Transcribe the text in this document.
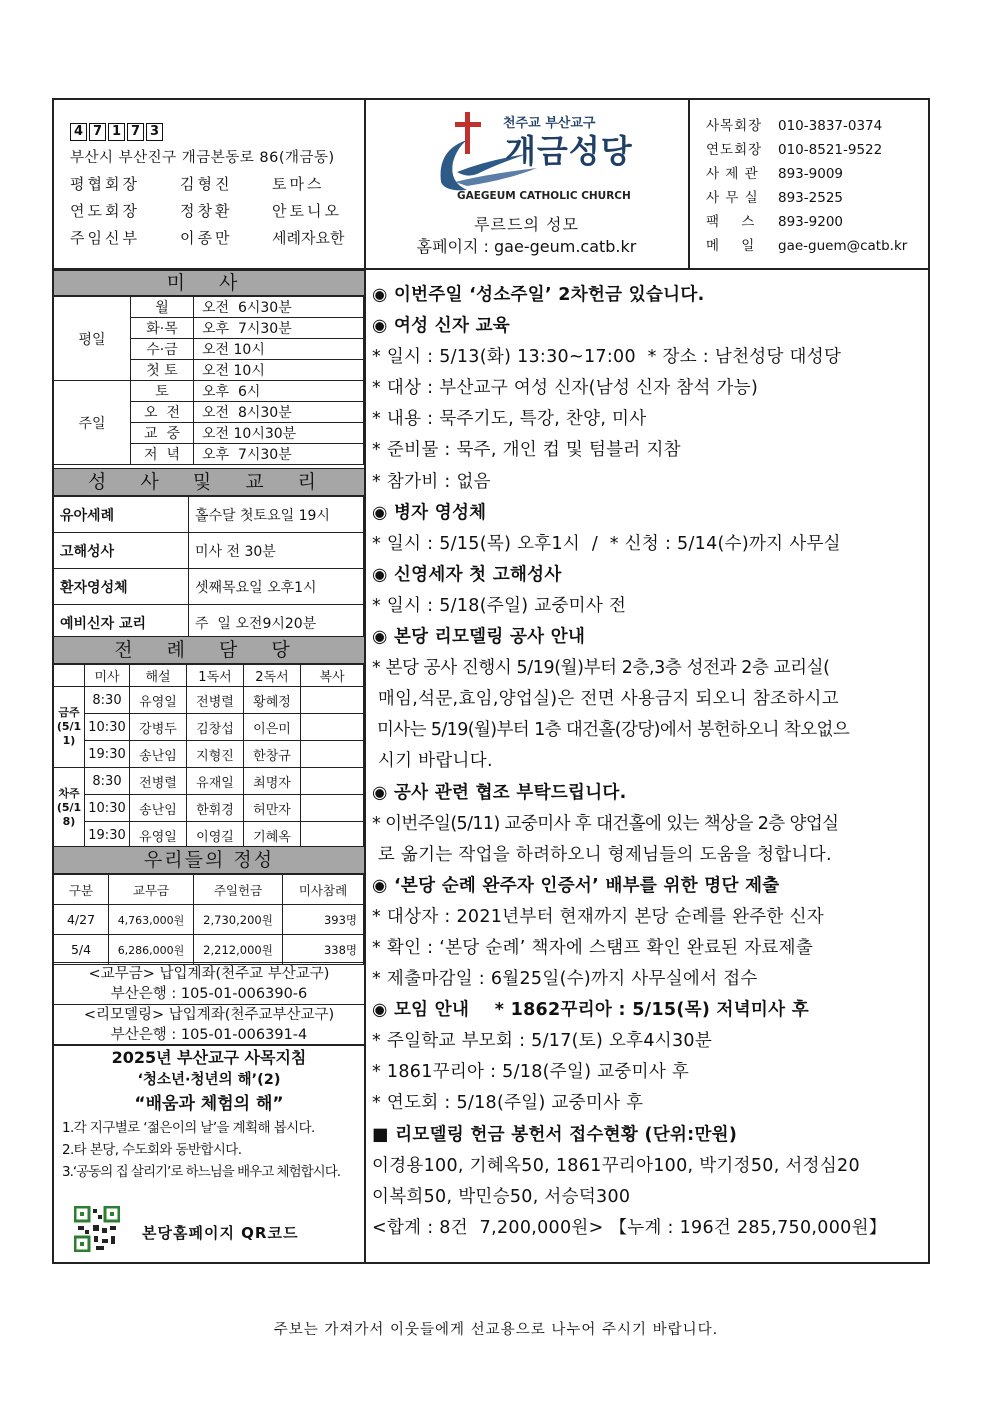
4 7 1 7 3
부산시 부산진구 개금본동로 86(개금동)
평협회장	김형진	토마스
연도회장	정창환	안토니오
주임신부	이종만	세례자요한
천주교 부산교구
개금성당
GAEGEUM CATHOLIC CHURCH
루르드의 성모
홈페이지 : gae-geum.catb.kr
사목회장	010-3837-0374
연도회장	010-8521-9522
사 제 관	893-9009
사 무 실	893-2525
팩    스	893-9200
메    일	gae-guem@catb.kr
미 사
평일	월	오전  6시30분
	화·목	오후  7시30분
	수·금	오전 10시
	첫 토	오전 10시
주일	토	오후  6시
	오  전	오전  8시30분
	교  중	오전 10시30분
	저  녁	오후  7시30분
성 사 및 교 리
유아세례	홀수달 첫토요일 19시
고해성사	미사 전 30분
환자영성체	셋째목요일 오후1시
예비신자 교리	주  일 오전9시20분
전 례 담 당
	미사	해설	1독서	2독서	복사
금주(5/11)	8:30	유영일	전병렬	황혜정	
	10:30	강병두	김창섭	이은미	
	19:30	송난임	지형진	한창규	
차주(5/18)	8:30	전병렬	유재일	최명자	
	10:30	송난임	한휘경	허만자	
	19:30	유영일	이영길	기혜옥	
우리들의 정성
구분	교무금	주일헌금	미사참례
4/27	4,763,000원	2,730,200원	393명
5/4	6,286,000원	2,212,000원	338명
<교무금> 납입계좌(천주교 부산교구)
부산은행 : 105-01-006390-6
<리모델링> 납입계좌(천주교부산교구)
부산은행 : 105-01-006391-4
2025년 부산교구 사목지침
‘청소년·청년의 해’(2)
“배움과 체험의 해”
1.각 지구별로 ‘젊은이의 날’을 계획해 봅시다.
2.타 본당, 수도회와 동반합시다.
3.‘공동의 집 살리기’로 하느님을 배우고 체험합시다.
본당홈페이지 QR코드
◉ 이번주일 ‘성소주일’ 2차헌금 있습니다.
◉ 여성 신자 교육
* 일시 : 5/13(화) 13:30~17:00  * 장소 : 남천성당 대성당
* 대상 : 부산교구 여성 신자(남성 신자 참석 가능)
* 내용 : 묵주기도, 특강, 찬양, 미사
* 준비물 : 묵주, 개인 컵 및 텀블러 지참
* 참가비 : 없음
◉ 병자 영성체
* 일시 : 5/15(목) 오후1시  /  * 신청 : 5/14(수)까지 사무실
◉ 신영세자 첫 고해성사
* 일시 : 5/18(주일) 교중미사 전
◉ 본당 리모델링 공사 안내
* 본당 공사 진행시 5/19(월)부터 2층,3층 성전과 2층 교리실(
매임,석문,효임,양업실)은 전면 사용금지 되오니 참조하시고
미사는 5/19(월)부터 1층 대건홀(강당)에서 봉헌하오니 착오없으
시기 바랍니다.
◉ 공사 관련 협조 부탁드립니다.
* 이번주일(5/11) 교중미사 후 대건홀에 있는 책상을 2층 양업실
로 옮기는 작업을 하려하오니 형제님들의 도움을 청합니다.
◉ ‘본당 순례 완주자 인증서’ 배부를 위한 명단 제출
* 대상자 : 2021년부터 현재까지 본당 순례를 완주한 신자
* 확인 : ‘본당 순례’ 책자에 스탬프 확인 완료된 자료제출
* 제출마감일 : 6월25일(수)까지 사무실에서 접수
◉ 모임 안내    * 1862꾸리아 : 5/15(목) 저녁미사 후
* 주일학교 부모회 : 5/17(토) 오후4시30분
* 1861꾸리아 : 5/18(주일) 교중미사 후
* 연도회 : 5/18(주일) 교중미사 후
■ 리모델링 헌금 봉헌서 접수현황 (단위:만원)
이경용100, 기혜옥50, 1861꾸리아100, 박기정50, 서정심20
이복희50, 박민승50, 서승덕300
<합계 : 8건  7,200,000원> 【누계 : 196건 285,750,000원】
주보는 가져가서 이웃들에게 선교용으로 나누어 주시기 바랍니다.
